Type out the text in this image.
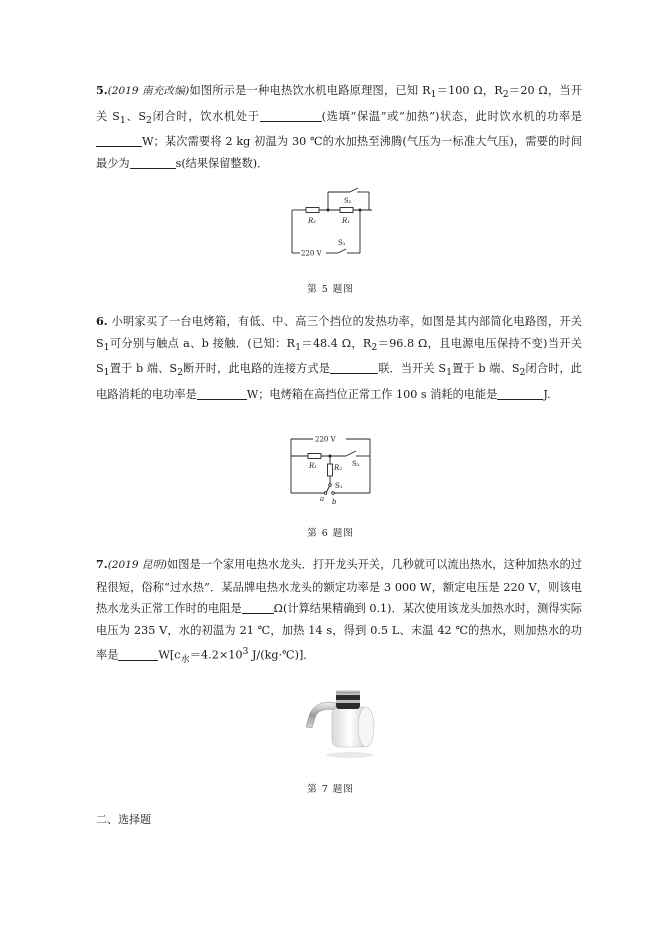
5.(2019 南充改编)如图所示是一种电热饮水机电路原理图，已知 $R_1=100$ Ω，$R_2=20$ Ω，当开关 $S_1$、$S_2$闭合时，饮水机处于	(选填“保温”或“加热”)状态，此时饮水机的功率是W；某次需要将 2 kg 初温为 30 ℃的水加热至沸腾(气压为一标准大气压)，需要的时间最少为	s(结果保留整数)．
S₂
R₂	R₁
S₁
220 V
第 5 题图
6. 小明家买了一台电烤箱，有低、中、高三个挡位的发热功率，如图是其内部简化电路图，开关 $S_1$可分别与触点 a、b 接触．(已知：$R_1=48.4$ Ω，$R_2=96.8$ Ω，且电源电压保持不变)当开关 $S_1$置于 b 端、$S_2$断开时，此电路的连接方式是	联．当开关 $S_1$置于 b 端、$S_2$闭合时，此电路消耗的电功率是	W；电烤箱在高挡位正常工作 100 s 消耗的电能是	J.
220 V
R₁ R₂ S₂
S₁
a b
第 6 题图
7.(2019 昆明)如图是一个家用电热水龙头．打开龙头开关，几秒就可以流出热水，这种加热水的过程很短，俗称“过水热”．某品牌电热水龙头的额定功率是 3 000 W，额定电压是 220 V，则该电热水龙头正常工作时的电阻是	Ω(计算结果精确到 0.1)．某次使用该龙头加热水时，测得实际电压为 235 V，水的初温为 21 ℃，加热 14 s，得到 0.5 L、末温 42 ℃的热水，则加热水的功率是	$W[c_水=4.2\times 10^3$ J/(kg·℃)]．
第 7 题图
二、选择题
